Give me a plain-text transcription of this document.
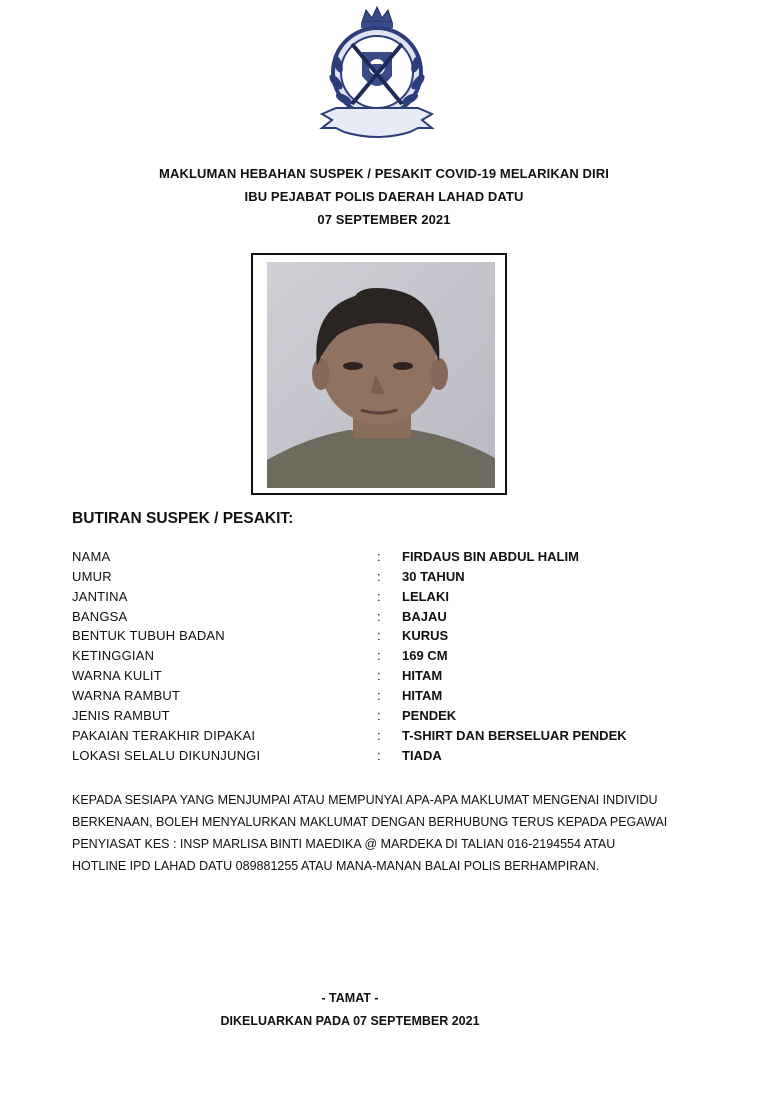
MAKLUMAN HEBAHAN SUSPEK / PESAKIT COVID-19 MELARIKAN DIRI
IBU PEJABAT POLIS DAERAH LAHAD DATU
07 SEPTEMBER 2021
BUTIRAN SUSPEK / PESAKIT:
NAMA	: FIRDAUS BIN ABDUL HALIM
UMUR	: 30 TAHUN
JANTINA	: LELAKI
BANGSA	: BAJAU
BENTUK TUBUH BADAN	: KURUS
KETINGGIAN	: 169 CM
WARNA KULIT	: HITAM
WARNA RAMBUT	: HITAM
JENIS RAMBUT	: PENDEK
PAKAIAN TERAKHIR DIPAKAI	: T-SHIRT DAN BERSELUAR PENDEK
LOKASI SELALU DIKUNJUNGI	: TIADA
KEPADA SESIAPA YANG MENJUMPAI ATAU MEMPUNYAI APA-APA MAKLUMAT MENGENAI INDIVIDU
BERKENAAN, BOLEH MENYALURKAN MAKLUMAT DENGAN BERHUBUNG TERUS KEPADA PEGAWAI
PENYIASAT KES : INSP MARLISA BINTI MAEDIKA @ MARDEKA DI TALIAN 016-2194554 ATAU
HOTLINE IPD LAHAD DATU 089881255 ATAU MANA-MANAN BALAI POLIS BERHAMPIRAN.
- TAMAT -
DIKELUARKAN PADA 07 SEPTEMBER 2021
